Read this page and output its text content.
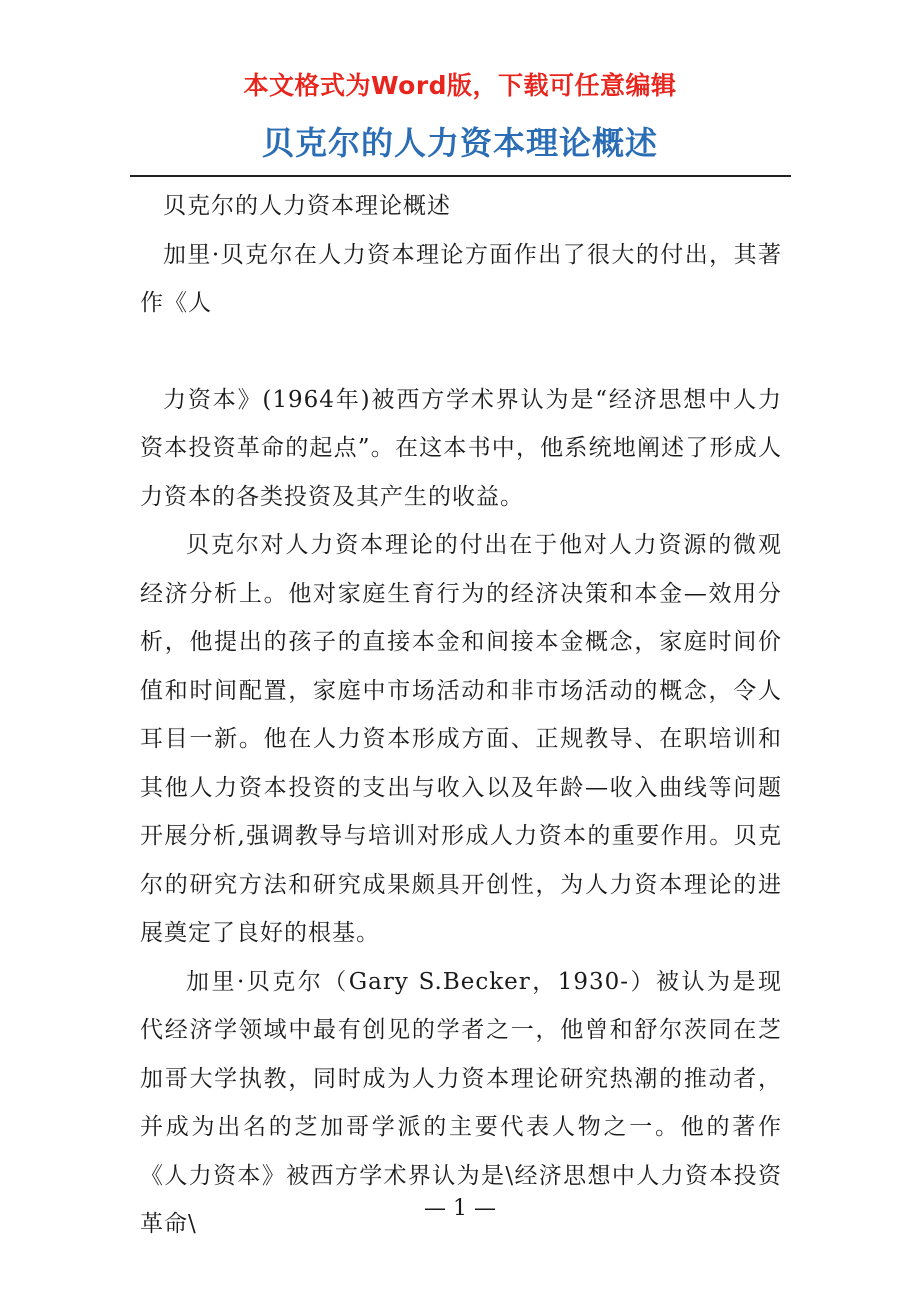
本文格式为Word版，下载可任意编辑
贝克尔的人力资本理论概述

贝克尔的人力资本理论概述

加里·贝克尔在人力资本理论方面作出了很大的付出，其著作《人

力资本》(1964年)被西方学术界认为是“经济思想中人力资本投资革命的起点”。在这本书中，他系统地阐述了形成人力资本的各类投资及其产生的收益。

贝克尔对人力资本理论的付出在于他对人力资源的微观经济分析上。他对家庭生育行为的经济决策和本金—效用分析，他提出的孩子的直接本金和间接本金概念，家庭时间价值和时间配置，家庭中市场活动和非市场活动的概念，令人耳目一新。他在人力资本形成方面、正规教导、在职培训和其他人力资本投资的支出与收入以及年龄—收入曲线等问题开展分析,强调教导与培训对形成人力资本的重要作用。贝克尔的研究方法和研究成果颇具开创性，为人力资本理论的进展奠定了良好的根基。

加里·贝克尔（Gary S.Becker，1930-）被认为是现代经济学领域中最有创见的学者之一，他曾和舒尔茨同在芝加哥大学执教，同时成为人力资本理论研究热潮的推动者，并成为出名的芝加哥学派的主要代表人物之一。他的著作《人力资本》被西方学术界认为是\经济思想中人力资本投资革命\

— 1 —
